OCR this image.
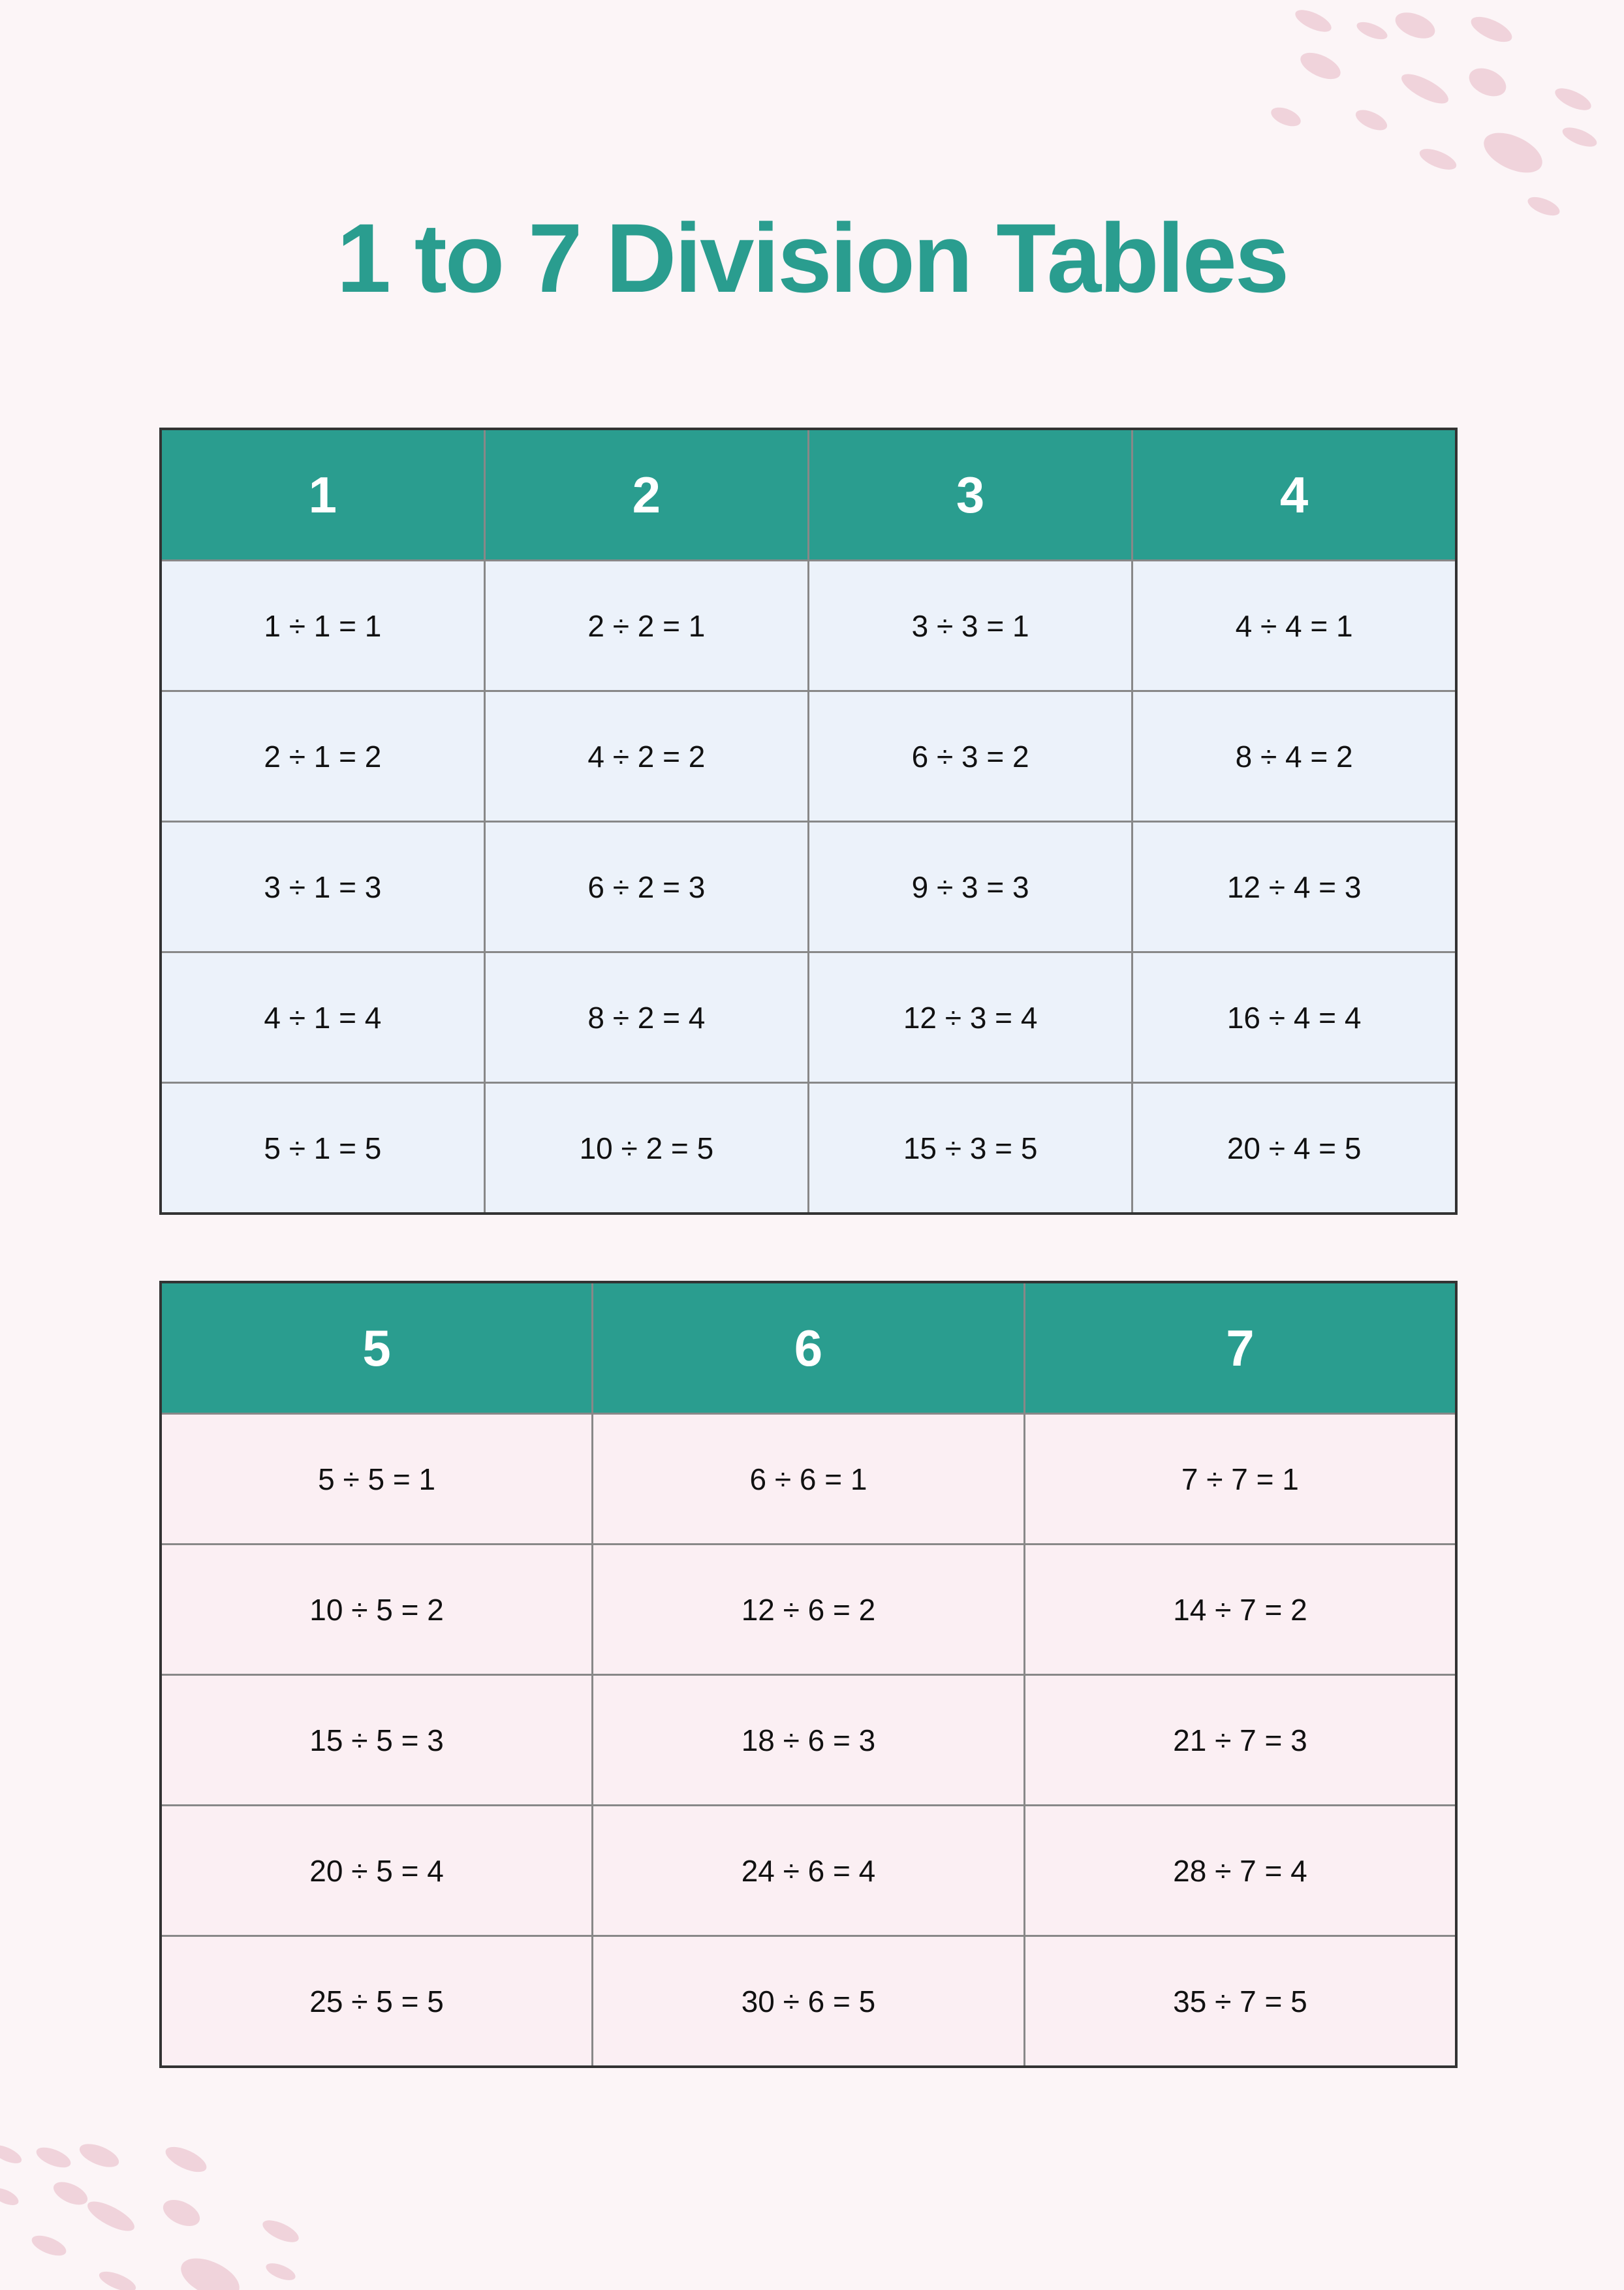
1 to 7 Division Tables
1	2	3	4
1 ÷ 1 = 1	2 ÷ 2 = 1	3 ÷ 3 = 1	4 ÷ 4 = 1
2 ÷ 1 = 2	4 ÷ 2 = 2	6 ÷ 3 = 2	8 ÷ 4 = 2
3 ÷ 1 = 3	6 ÷ 2 = 3	9 ÷ 3 = 3	12 ÷ 4 = 3
4 ÷ 1 = 4	8 ÷ 2 = 4	12 ÷ 3 = 4	16 ÷ 4 = 4
5 ÷ 1 = 5	10 ÷ 2 = 5	15 ÷ 3 = 5	20 ÷ 4 = 5
5	6	7
5 ÷ 5 = 1	6 ÷ 6 = 1	7 ÷ 7 = 1
10 ÷ 5 = 2	12 ÷ 6 = 2	14 ÷ 7 = 2
15 ÷ 5 = 3	18 ÷ 6 = 3	21 ÷ 7 = 3
20 ÷ 5 = 4	24 ÷ 6 = 4	28 ÷ 7 = 4
25 ÷ 5 = 5	30 ÷ 6 = 5	35 ÷ 7 = 5
